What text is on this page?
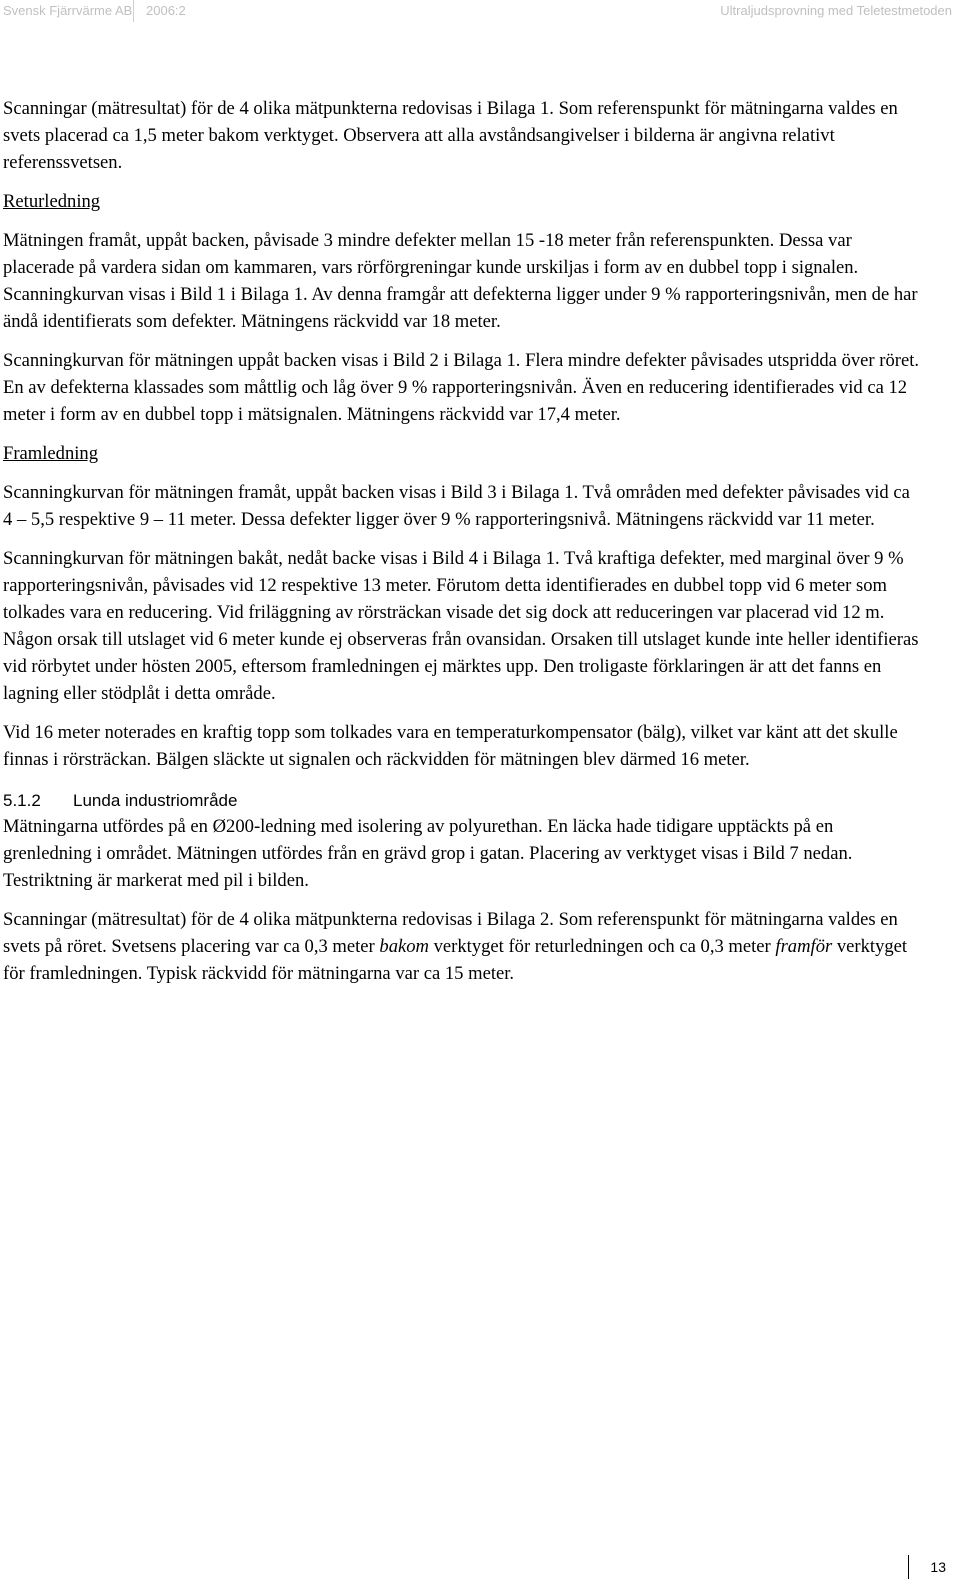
Svensk Fjärrvärme AB 2006:2	Ultraljudsprovning med Teletestmetoden

Scanningar (mätresultat) för de 4 olika mätpunkterna redovisas i Bilaga 1. Som referenspunkt för mätningarna valdes en svets placerad ca 1,5 meter bakom verktyget. Observera att alla avståndsangivelser i bilderna är angivna relativt referenssvetsen.

Returledning

Mätningen framåt, uppåt backen, påvisade 3 mindre defekter mellan 15 -18 meter från referenspunkten. Dessa var placerade på vardera sidan om kammaren, vars rörförgreningar kunde urskiljas i form av en dubbel topp i signalen. Scanningkurvan visas i Bild 1 i Bilaga 1. Av denna framgår att defekterna ligger under 9 % rapporteringsnivån, men de har ändå identifierats som defekter. Mätningens räckvidd var 18 meter.

Scanningkurvan för mätningen uppåt backen visas i Bild 2 i Bilaga 1. Flera mindre defekter påvisades utspridda över röret. En av defekterna klassades som måttlig och låg över 9 % rapporteringsnivån. Även en reducering identifierades vid ca 12 meter i form av en dubbel topp i mätsignalen. Mätningens räckvidd var 17,4 meter.

Framledning

Scanningkurvan för mätningen framåt, uppåt backen visas i Bild 3 i Bilaga 1. Två områden med defekter påvisades vid ca 4 – 5,5 respektive 9 – 11 meter. Dessa defekter ligger över 9 % rapporteringsnivå. Mätningens räckvidd var 11 meter.

Scanningkurvan för mätningen bakåt, nedåt backe visas i Bild 4 i Bilaga 1. Två kraftiga defekter, med marginal över 9 % rapporteringsnivån, påvisades vid 12 respektive 13 meter. Förutom detta identifierades en dubbel topp vid 6 meter som tolkades vara en reducering. Vid friläggning av rörsträckan visade det sig dock att reduceringen var placerad vid 12 m. Någon orsak till utslaget vid 6 meter kunde ej observeras från ovansidan. Orsaken till utslaget kunde inte heller identifieras vid rörbytet under hösten 2005, eftersom framledningen ej märktes upp. Den troligaste förklaringen är att det fanns en lagning eller stödplåt i detta område.

Vid 16 meter noterades en kraftig topp som tolkades vara en temperaturkompensator (bälg), vilket var känt att det skulle finnas i rörsträckan. Bälgen släckte ut signalen och räckvidden för mätningen blev därmed 16 meter.

5.1.2 Lunda industriområde

Mätningarna utfördes på en Ø200-ledning med isolering av polyurethan. En läcka hade tidigare upptäckts på en grenledning i området. Mätningen utfördes från en grävd grop i gatan. Placering av verktyget visas i Bild 7 nedan. Testriktning är markerat med pil i bilden.

Scanningar (mätresultat) för de 4 olika mätpunkterna redovisas i Bilaga 2. Som referenspunkt för mätningarna valdes en svets på röret. Svetsens placering var ca 0,3 meter bakom verktyget för returledningen och ca 0,3 meter framför verktyget för framledningen. Typisk räckvidd för mätningarna var ca 15 meter.

13
